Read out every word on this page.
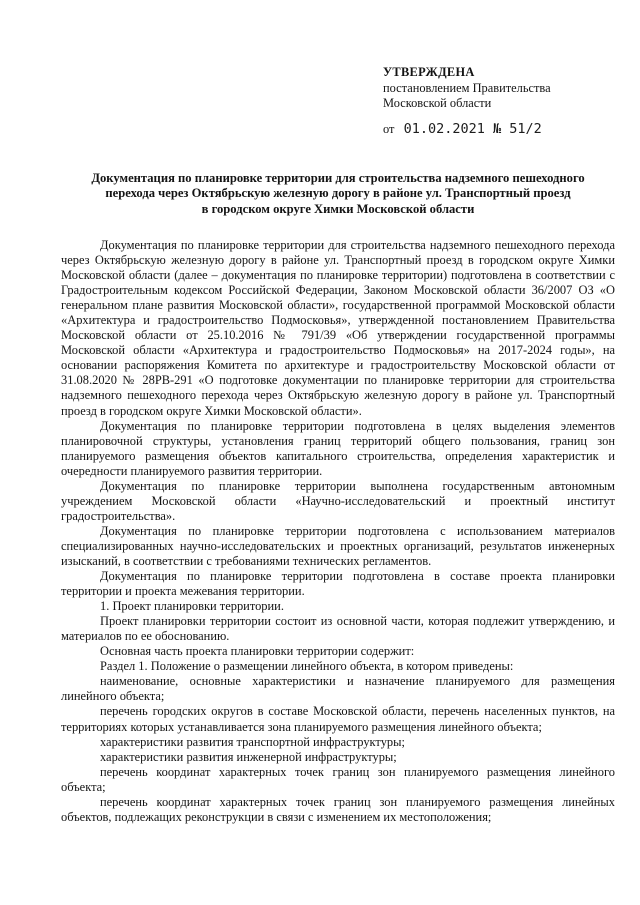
УТВЕРЖДЕНА
постановлением Правительства
Московской области
от 01.02.2021 № 51/2
Документация по планировке территории для строительства надземного пешеходного
перехода через Октябрьскую железную дорогу в районе ул. Транспортный проезд
в городском округе Химки Московской области

Документация по планировке территории для строительства надземного пешеходного перехода через Октябрьскую железную дорогу в районе ул. Транспортный проезд в городском округе Химки Московской области (далее – документация по планировке территории) подготовлена в соответствии с Градостроительным кодексом Российской Федерации, Законом Московской области 36/2007 ОЗ «О генеральном плане развития Московской области», государственной программой Московской области «Архитектура и градостроительство Подмосковья», утвержденной постановлением Правительства Московской области от 25.10.2016 № 791/39 «Об утверждении государственной программы Московской области «Архитектура и градостроительство Подмосковья» на 2017-2024 годы», на основании распоряжения Комитета по архитектуре и градостроительству Московской области от 31.08.2020 № 28РВ-291 «О подготовке документации по планировке территории для строительства надземного пешеходного перехода через Октябрьскую железную дорогу в районе ул. Транспортный проезд в городском округе Химки Московской области».

Документация по планировке территории подготовлена в целях выделения элементов планировочной структуры, установления границ территорий общего пользования, границ зон планируемого размещения объектов капитального строительства, определения характеристик и очередности планируемого развития территории.

Документация по планировке территории выполнена государственным автономным учреждением Московской области «Научно-исследовательский и проектный институт градостроительства».

Документация по планировке территории подготовлена с использованием материалов специализированных научно-исследовательских и проектных организаций, результатов инженерных изысканий, в соответствии с требованиями технических регламентов.

Документация по планировке территории подготовлена в составе проекта планировки территории и проекта межевания территории.

1. Проект планировки территории.

Проект планировки территории состоит из основной части, которая подлежит утверждению, и материалов по ее обоснованию.

Основная часть проекта планировки территории содержит:

Раздел 1. Положение о размещении линейного объекта, в котором приведены:

наименование, основные характеристики и назначение планируемого для размещения линейного объекта;

перечень городских округов в составе Московской области, перечень населенных пунктов, на территориях которых устанавливается зона планируемого размещения линейного объекта;

характеристики развития транспортной инфраструктуры;

характеристики развития инженерной инфраструктуры;

перечень координат характерных точек границ зон планируемого размещения линейного объекта;

перечень координат характерных точек границ зон планируемого размещения линейных объектов, подлежащих реконструкции в связи с изменением их местоположения;
